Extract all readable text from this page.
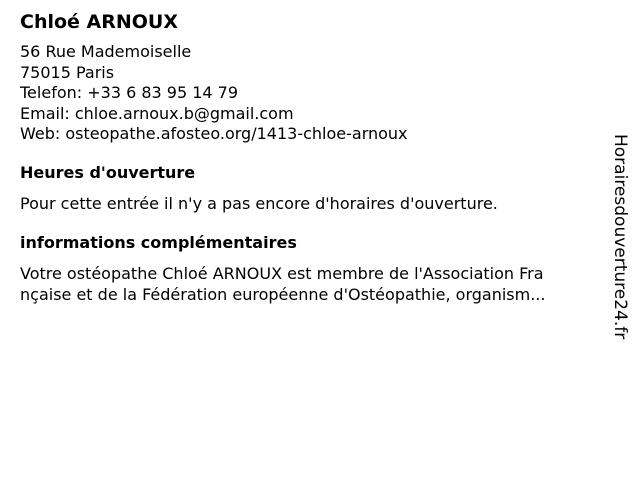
Chloé ARNOUX
56 Rue Mademoiselle
75015 Paris
Telefon: +33 6 83 95 14 79
Email: chloe.arnoux.b@gmail.com
Web: osteopathe.afosteo.org/1413-chloe-arnoux
Heures d'ouverture
Pour cette entrée il n'y a pas encore d'horaires d'ouverture.
informations complémentaires
Votre ostéopathe Chloé ARNOUX est membre de l'Association Fra
nçaise et de la Fédération européenne d'Ostéopathie, organism...	Horairesdouverture24.fr
